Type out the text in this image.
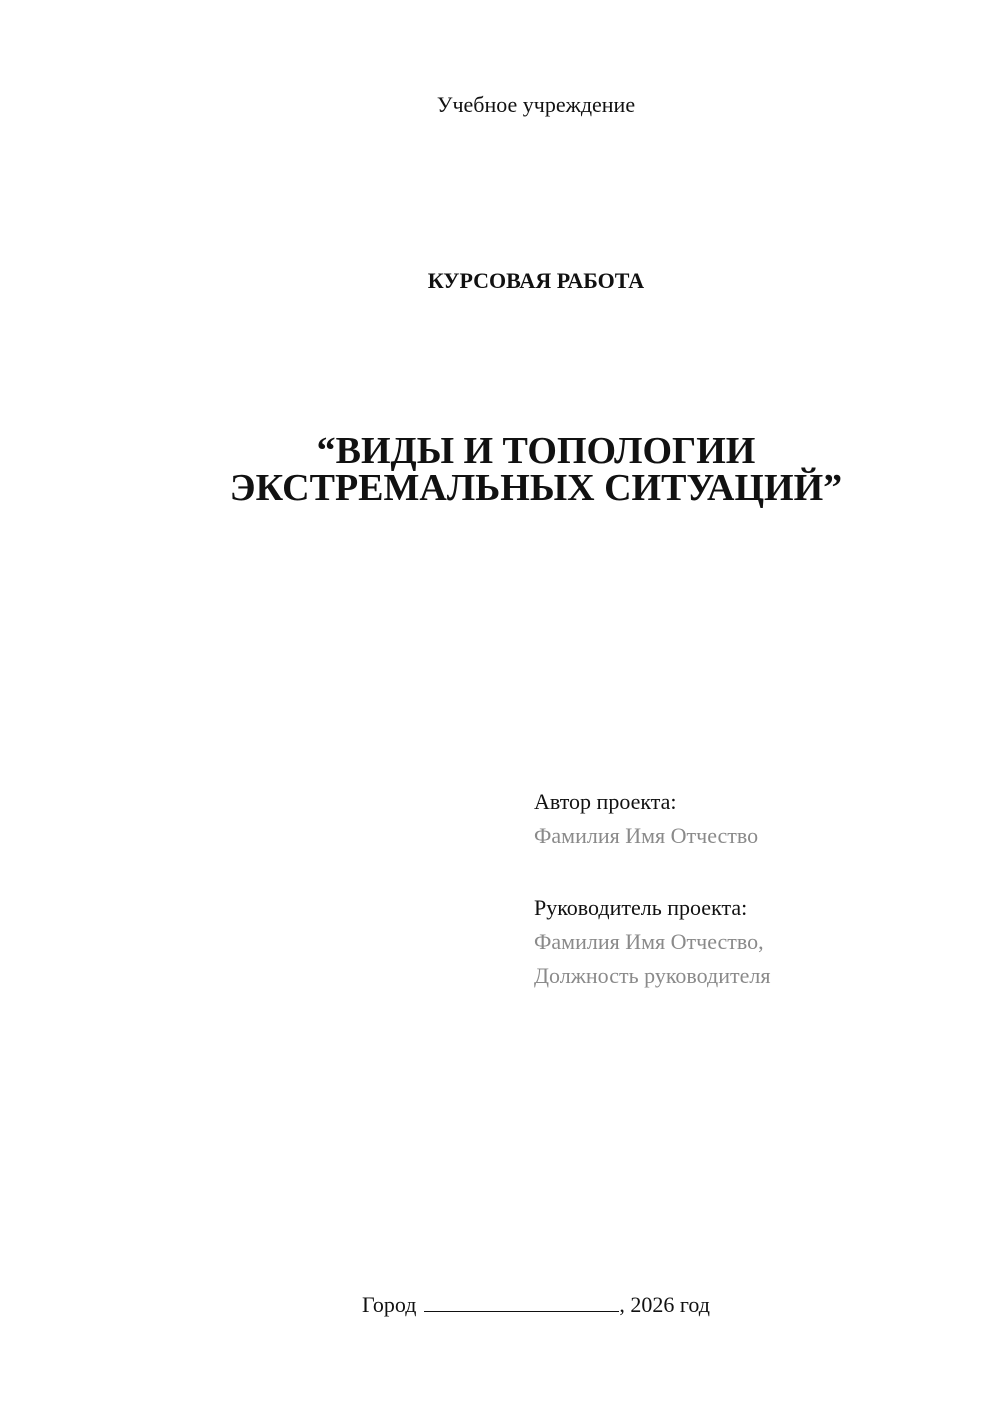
Учебное учреждение
КУРСОВАЯ РАБОТА
“ВИДЫ И ТОПОЛОГИИ
ЭКСТРЕМАЛЬНЫХ СИТУАЦИЙ”
Автор проекта:
Фамилия Имя Отчество
Руководитель проекта:
Фамилия Имя Отчество,
Должность руководителя
Город	, 2026 год
